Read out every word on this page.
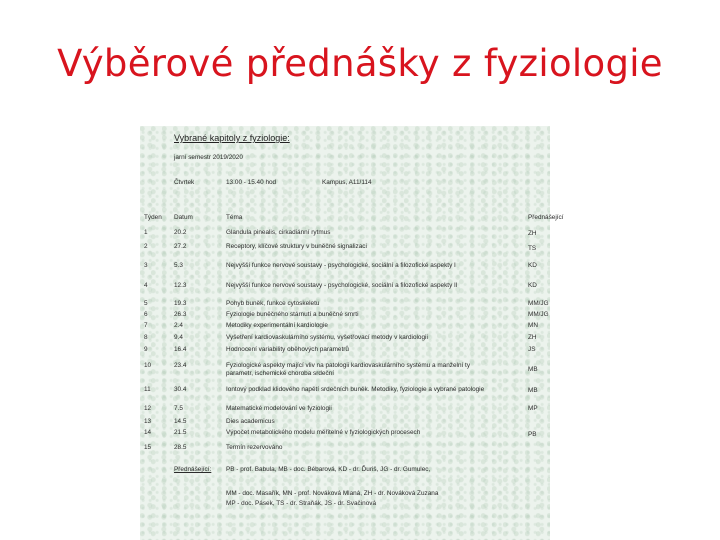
Výběrové přednášky z fyziologie
Vybrané kapitoly z fyziologie:
jarní semestr 2019/2020
Čtvrtek	13.00 - 15.40 hod	Kampus, A11/114
Týden Datum	Téma	Přednášející
1	20.2	Glandula pinealis, cirkadiánní rytmus	ZH
2	27.2	Receptory, klíčové struktury v buněčné signalizaci	TS
3	5.3	Nejvyšší funkce nervové soustavy - psychologické, sociální a filozofické aspekty I	KD
4	12.3	Nejvyšší funkce nervové soustavy - psychologické, sociální a filozofické aspekty II	KD
5	19.3	Pohyb buněk, funkce cytoskeletu	MM/JG
6	26.3	Fyziologie buněčného stárnutí a buněčné smrti	MM/JG
7	2.4	Metodiky experimentální kardiologie	MN
8	9.4	Vyšetření kardiovaskulárního systému, vyšetřovací metody v kardiologii	ZH
9	16.4	Hodnocení variability oběhových parametrů	JS
10	23.4	Fyziologické aspekty mající vliv na patologii kardiovaskulárního systému a manželní ty parametr, ischemické choroba srdeční
MB
11	30.4	Iontový podklad klidového napětí srdečních buněk. Metodiky, fyziologie a vybrané patologie	MB
12	7.5	Matematické modelování ve fyziologii	MP
13	14.5	Dies academicus
14	21.5	Výpočet metabolického modelu měřitelné v fyziologických procesech	PB
15	28.5	Termín rezervováno
Přednášející: PB - prof. Babula, MB - doc. Bébarová, KD - dr. Ďuriš, JG - dr. Gumulec,
MM - doc. Masařík, MN - prof. Nováková Mlaná, ZH - dr. Nováková Zuzana
MP - doc. Pásek, TS - dr. Straňák, JS - dr. Svačinová
